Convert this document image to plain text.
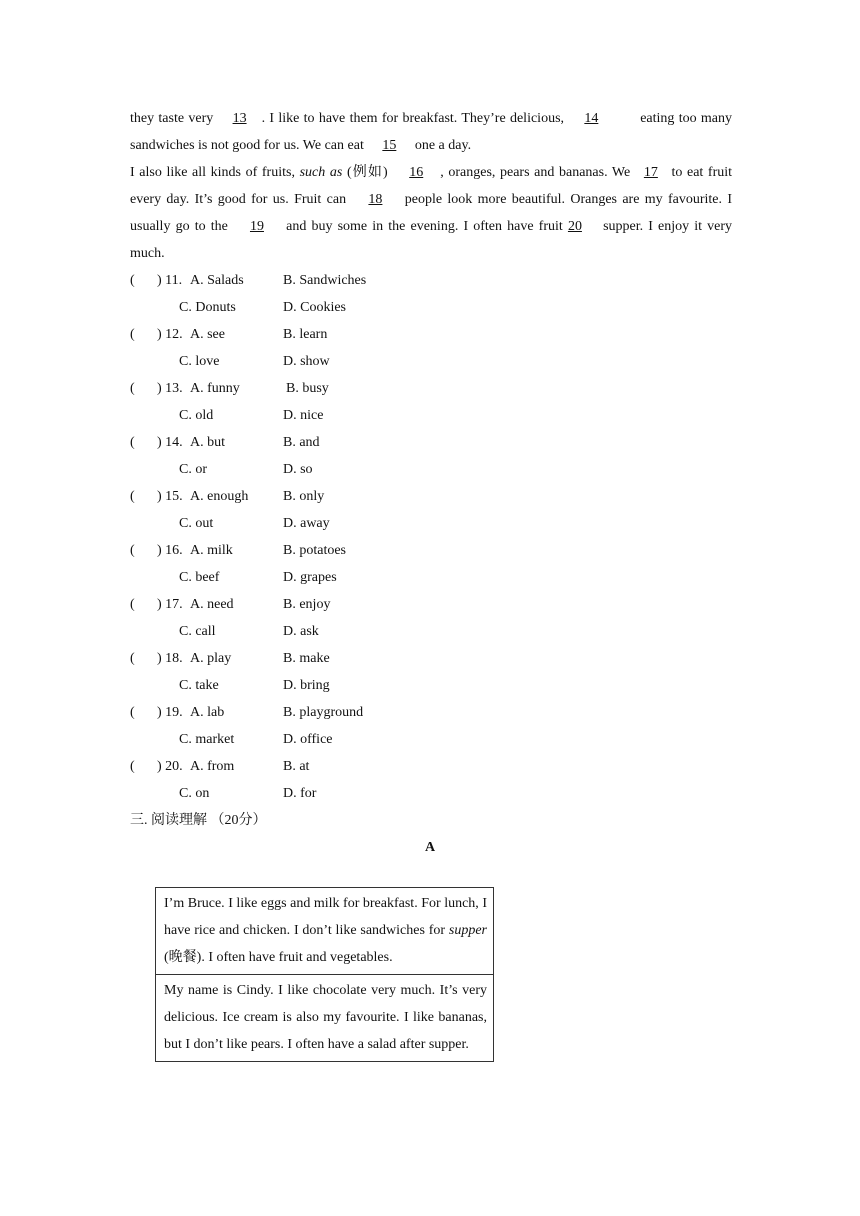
they taste very 13 . I like to have them for breakfast. They’re delicious, 14	eating too many sandwiches is not good for us. We can eat 15 one a day.

I also like all kinds of fruits, such as (例如) 16 , oranges, pears and bananas. We 17 to eat fruit every day. It’s good for us. Fruit can 18 people look more beautiful. Oranges are my favourite. I usually go to the 19 and buy some in the evening. I often have fruit 20 supper. I enjoy it very much.

( ) 11. A. Salads	B. Sandwiches
C. Donuts	D. Cookies
( ) 12. A. see	B. learn
C. love	D. show
( ) 13. A. funny	B. busy
C. old	D. nice
( ) 14. A. but	B. and
C. or	D. so
( ) 15. A. enough B. only
C. out	D. away
( ) 16. A. milk	B. potatoes
C. beef	D. grapes
( ) 17. A. need	B. enjoy
C. call	D. ask
( ) 18. A. play	B. make
C. take	D. bring
( ) 19. A. lab	B. playground
C. market	D. office
( ) 20. A. from	B. at
C. on	D. for
三. 阅读理解 （20分）
A
I’m Bruce. I like eggs and milk for breakfast. For lunch, I have rice and chicken. I don’t like sandwiches for supper (晚餐). I often have fruit and vegetables.
My name is Cindy. I like chocolate very much. It’s very delicious. Ice cream is also my favourite. I like bananas, but I don’t like pears. I often have a salad after supper.
